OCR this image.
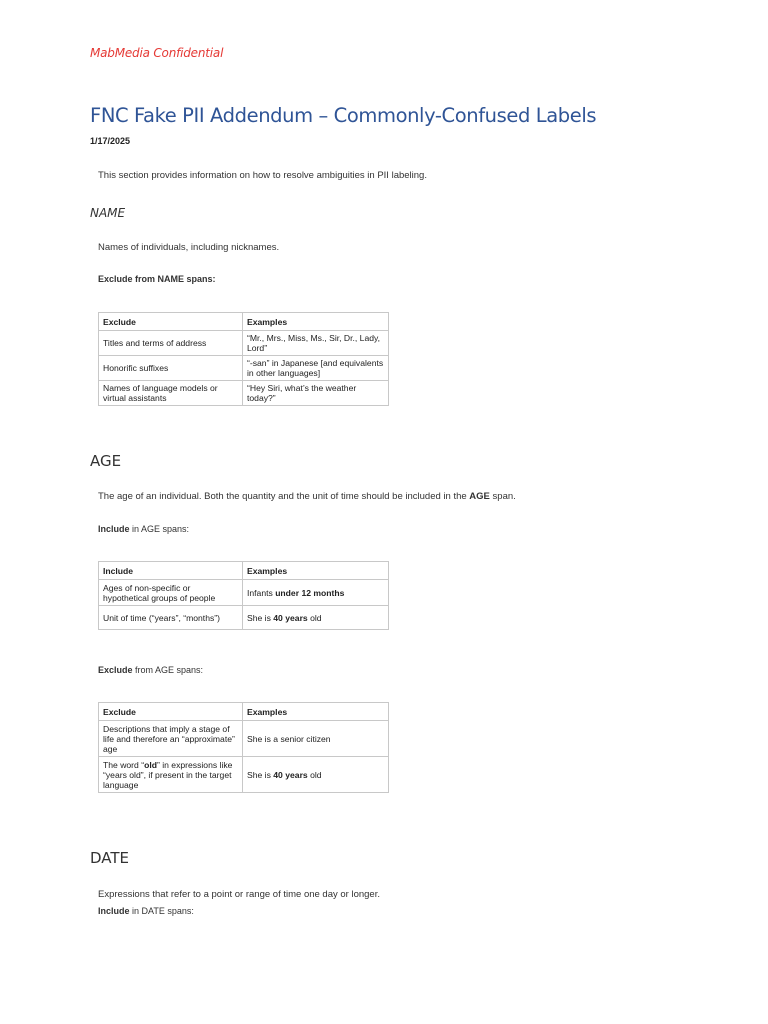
MabMedia Confidential
FNC Fake PII Addendum – Commonly-Confused Labels
1/17/2025
This section provides information on how to resolve ambiguities in PII labeling.
NAME
Names of individuals, including nicknames.
Exclude from NAME spans:
Exclude	Examples
Titles and terms of address	“Mr., Mrs., Miss, Ms., Sir, Dr., Lady, Lord”
Honorific suffixes	“-san” in Japanese [and equivalents in other languages]
Names of language models or virtual assistants	“Hey Siri, what’s the weather today?”
AGE
The age of an individual. Both the quantity and the unit of time should be included in the AGE span.
Include in AGE spans:
Include	Examples
Ages of non-specific or hypothetical groups of people	Infants under 12 months
Unit of time (“years”, “months”)	She is 40 years old
Exclude from AGE spans:
Exclude	Examples
Descriptions that imply a stage of life and therefore an “approximate” age	She is a senior citizen
The word “old” in expressions like “years old”, if present in the target language	She is 40 years old
DATE
Expressions that refer to a point or range of time one day or longer.
Include in DATE spans:
